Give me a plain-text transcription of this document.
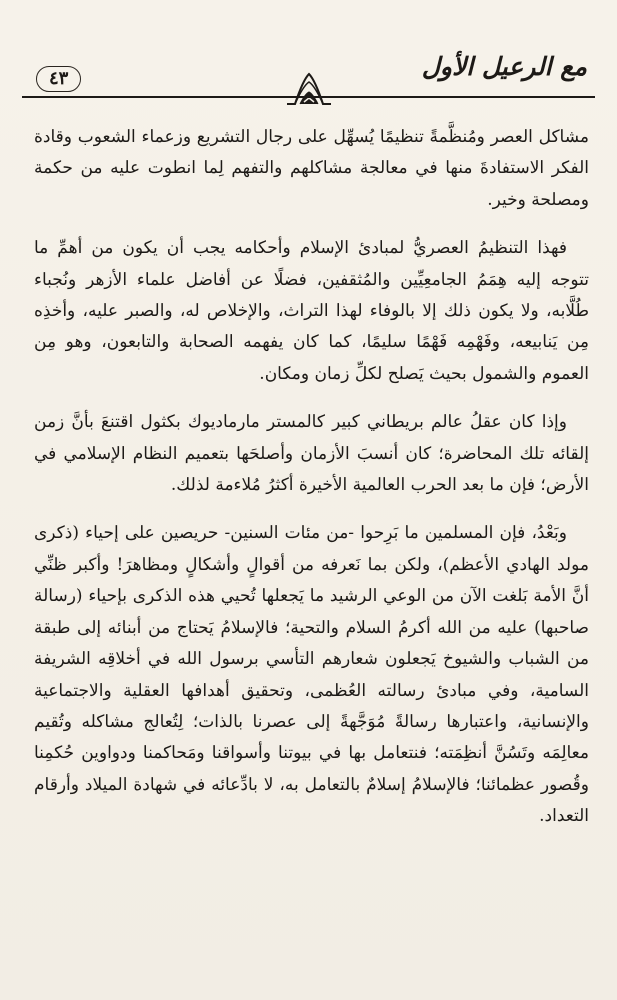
مع الرعيل الأول
٤٣

مشاكل العصر ومُنظَّمةً تنظيمًا يُسهِّل على رجال التشريع وزعماء الشعوب وقادة الفكر الاستفادةَ منها في معالجة مشاكلهم والتفهم لِما انطوت عليه من حكمة ومصلحة وخير.

فهذا التنظيمُ العصريُّ لمبادئ الإسلام وأحكامه يجب أن يكون من أهمِّ ما تتوجه إليه هِمَمُ الجامعِيِّين والمُثقفين، فضلًا عن أفاضل علماء الأزهر ونُجباء طُلَّابه، ولا يكون ذلك إلا بالوفاء لهذا التراث، والإخلاص له، والصبر عليه، وأخذِه مِن يَنابيعه، وفَهْمِه فَهْمًا سليمًا، كما كان يفهمه الصحابة والتابعون، وهو مِن العموم والشمول بحيث يَصلح لكلِّ زمان ومكان.

وإذا كان عقلُ عالم بريطاني كبير كالمستر مارماديوك بكثول اقتنعَ بأنَّ زمن إلقائه تلك المحاضرة؛ كان أنسبَ الأزمان وأصلحَها بتعميم النظام الإسلامي في الأرض؛ فإن ما بعد الحرب العالمية الأخيرة أكثرُ مُلاءمة لذلك.

وبَعْدُ، فإن المسلمين ما بَرِحوا -من مئات السنين- حريصين على إحياء (ذكرى مولد الهادي الأعظم)، ولكن بما نَعرفه من أقوالٍ وأشكالٍ ومظاهرَ! وأكبر ظنِّي أنَّ الأمة بَلغت الآن من الوعي الرشيد ما يَجعلها تُحيي هذه الذكرى بإحياء (رسالة صاحبها) عليه من الله أكرمُ السلام والتحية؛ فالإسلامُ يَحتاج من أبنائه إلى طبقة من الشباب والشيوخ يَجعلون شعارهم التأسي برسول الله في أخلاقِه الشريفة السامية، وفي مبادئ رسالته العُظمى، وتحقيق أهدافها العقلية والاجتماعية والإنسانية، واعتبارها رسالةً مُوَجَّهةً إلى عصرنا بالذات؛ لِتُعالج مشاكله وتُقيم معالِمَه وتَسُنَّ أنظِمَته؛ فنتعامل بها في بيوتنا وأسواقنا ومَحاكمنا ودواوين حُكمِنا وقُصور عظمائنا؛ فالإسلامُ إسلامٌ بالتعامل به، لا بادِّعائه في شهادة الميلاد وأرقام التعداد.
